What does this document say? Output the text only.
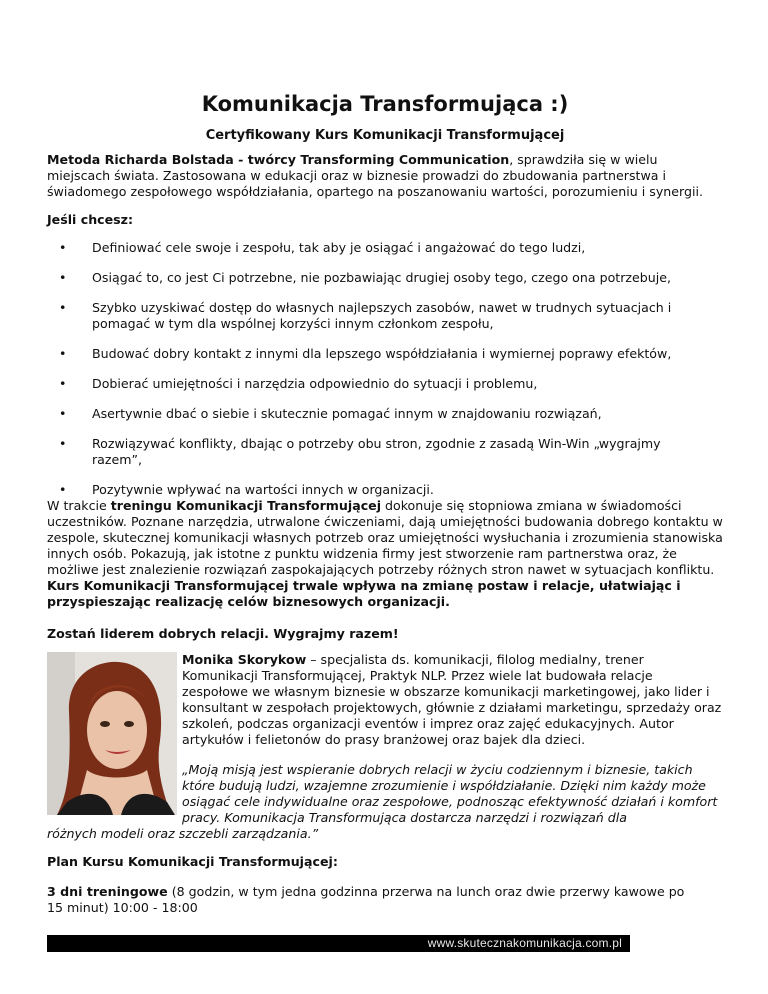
Komunikacja Transformująca :)
Certyfikowany Kurs Komunikacji Transformującej
Metoda Richarda Bolstada - twórcy Transforming Communication, sprawdziła się w wielu miejscach świata. Zastosowana w edukacji oraz w biznesie prowadzi do zbudowania partnerstwa i świadomego zespołowego współdziałania, opartego na poszanowaniu wartości, porozumieniu i synergii.
Jeśli chcesz:
• Definiować cele swoje i zespołu, tak aby je osiągać i angażować do tego ludzi,
• Osiągać to, co jest Ci potrzebne, nie pozbawiając drugiej osoby tego, czego ona potrzebuje,
• Szybko uzyskiwać dostęp do własnych najlepszych zasobów, nawet w trudnych sytuacjach i pomagać w tym dla wspólnej korzyści innym członkom zespołu,
• Budować dobry kontakt z innymi dla lepszego współdziałania i wymiernej poprawy efektów,
• Dobierać umiejętności i narzędzia odpowiednio do sytuacji i problemu,
• Asertywnie dbać o siebie i skutecznie pomagać innym w znajdowaniu rozwiązań,
• Rozwiązywać konflikty, dbając o potrzeby obu stron, zgodnie z zasadą Win-Win „wygrajmy razem”,
• Pozytywnie wpływać na wartości innych w organizacji.
W trakcie treningu Komunikacji Transformującej dokonuje się stopniowa zmiana w świadomości uczestników. Poznane narzędzia, utrwalone ćwiczeniami, dają umiejętności budowania dobrego kontaktu w zespole, skutecznej komunikacji własnych potrzeb oraz umiejętności wysłuchania i zrozumienia stanowiska innych osób. Pokazują, jak istotne z punktu widzenia firmy jest stworzenie ram partnerstwa oraz, że możliwe jest znalezienie rozwiązań zaspokajających potrzeby różnych stron nawet w sytuacjach konfliktu. Kurs Komunikacji Transformującej trwale wpływa na zmianę postaw i relacje, ułatwiając i przyspieszając realizację celów biznesowych organizacji.
Zostań liderem dobrych relacji. Wygrajmy razem!
Monika Skorykow – specjalista ds. komunikacji, filolog medialny, trener Komunikacji Transformującej, Praktyk NLP. Przez wiele lat budowała relacje zespołowe we własnym biznesie w obszarze komunikacji marketingowej, jako lider i konsultant w zespołach projektowych, głównie z działami marketingu, sprzedaży oraz szkoleń, podczas organizacji eventów i imprez oraz zajęć edukacyjnych. Autor artykułów i felietonów do prasy branżowej oraz bajek dla dzieci.
„Moją misją jest wspieranie dobrych relacji w życiu codziennym i biznesie, takich które budują ludzi, wzajemne zrozumienie i współdziałanie. Dzięki nim każdy może osiągać cele indywidualne oraz zespołowe, podnosząc efektywność działań i komfort pracy. Komunikacja Transformująca dostarcza narzędzi i rozwiązań dla
różnych modeli oraz szczebli zarządzania.”
Plan Kursu Komunikacji Transformującej:
3 dni treningowe (8 godzin, w tym jedna godzinna przerwa na lunch oraz dwie przerwy kawowe po 15 minut) 10:00 - 18:00
www.skutecznakomunikacja.com.pl
